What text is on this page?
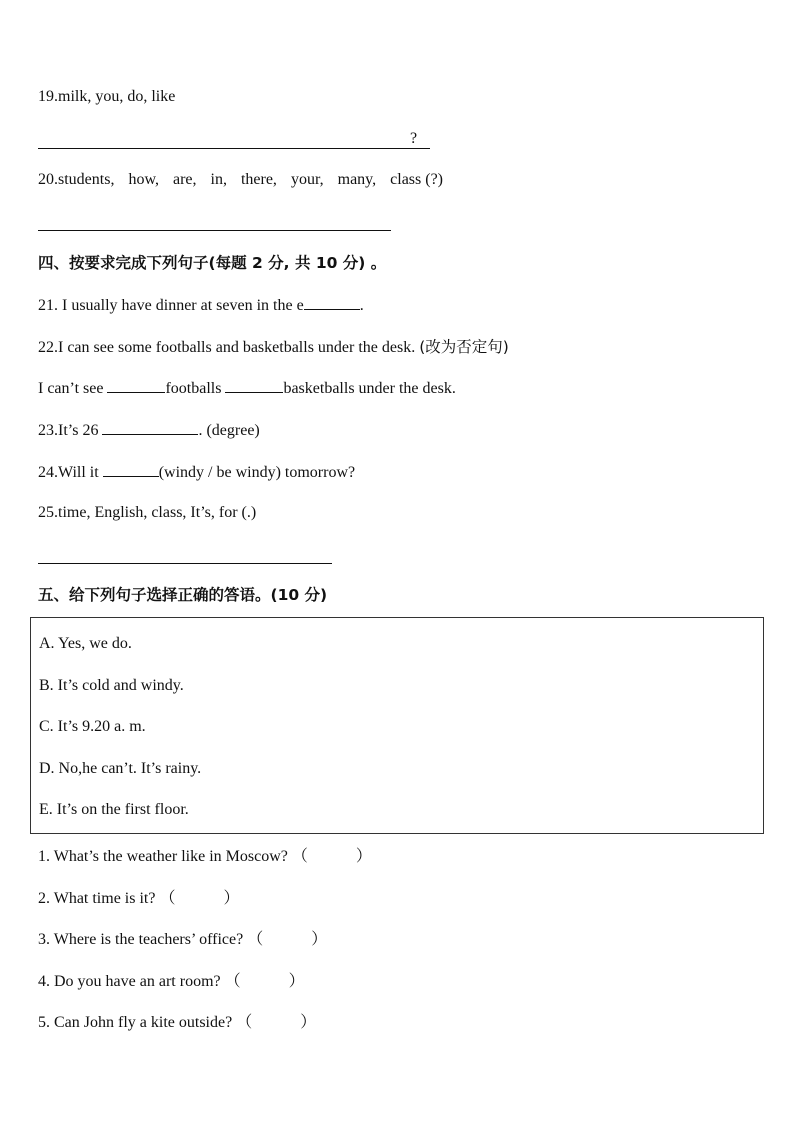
19.milk, you, do, like
?
20.students, how, are, in, there, your, many, class (?)
四、按要求完成下列句子(每题 2 分, 共 10 分) 。
21. I usually have dinner at seven in the e	.
22.I can see some footballs and basketballs under the desk. (改为否定句)
I can’t see	footballs	basketballs under the desk.
23.It’s 26	. (degree)
24.Will it	(windy / be windy) tomorrow?
25.time, English, class, It’s, for (.)
五、给下列句子选择正确的答语。(10 分)
A. Yes, we do.
B. It’s cold and windy.
C. It’s 9.20 a. m.
D. No,he can’t. It’s rainy.
E. It’s on the first floor.
1. What’s the weather like in Moscow? （	）
2. What time is it? （	）
3. Where is the teachers’ office? （	）
4. Do you have an art room? （	）
5. Can John fly a kite outside? （	）
